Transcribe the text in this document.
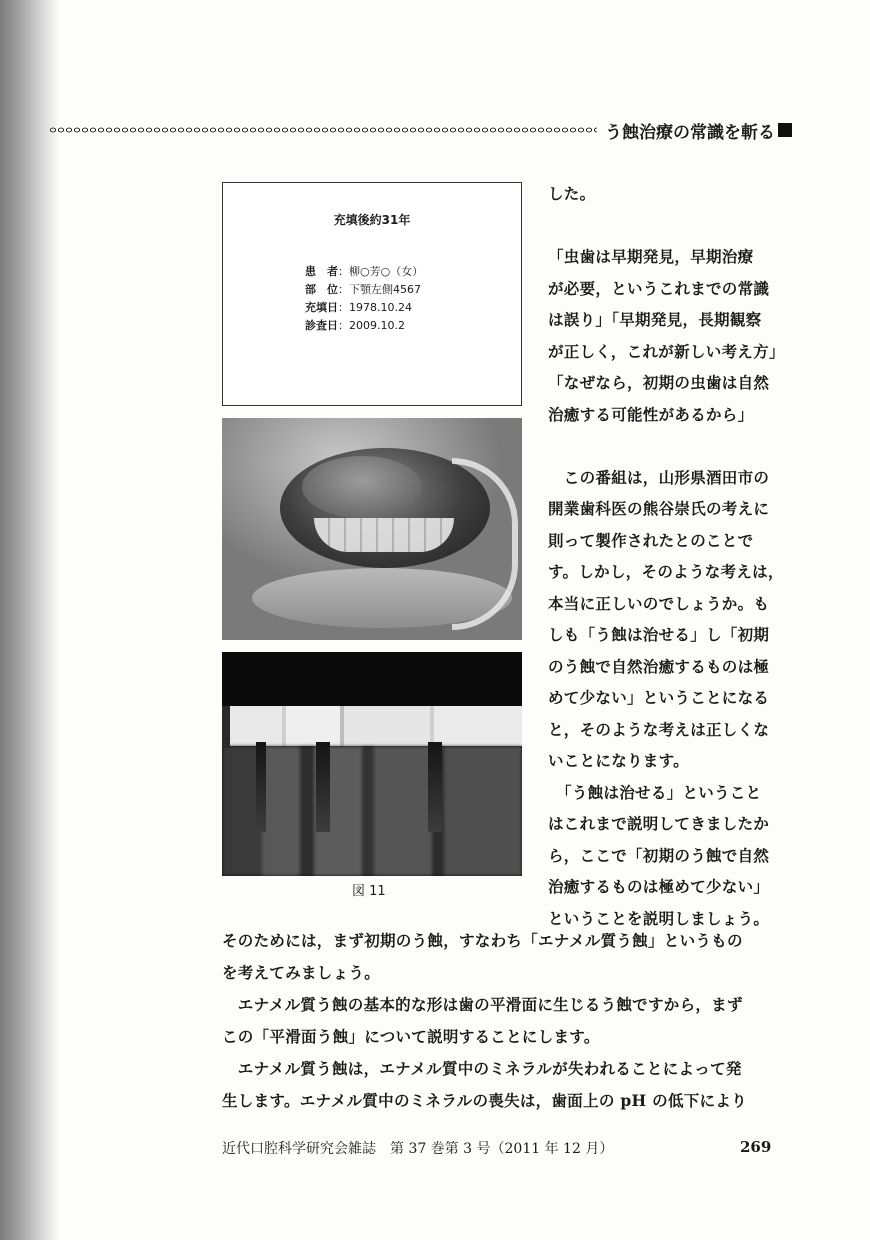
う蝕治療の常識を斬る
充填後約31年
患　者：柳○芳○（女）
部　位：下顎左側4567
充填日：1978.10.24
診査日：2009.10.2
図 11

した。

「虫歯は早期発見，早期治療

が必要，というこれまでの常識

は誤り」「早期発見，長期観察

が正しく，これが新しい考え方」

「なぜなら，初期の虫歯は自然

治癒する可能性があるから」

　この番組は，山形県酒田市の

開業歯科医の熊谷崇氏の考えに

則って製作されたとのことで

す。しかし，そのような考えは，

本当に正しいのでしょうか。も

しも「う蝕は治せる」し「初期

のう蝕で自然治癒するものは極

めて少ない」ということになる

と，そのような考えは正しくな

いことになります。

　「う蝕は治せる」ということ

はこれまで説明してきましたか

ら，ここで「初期のう蝕で自然

治癒するものは極めて少ない」

ということを説明しましょう。

そのためには，まず初期のう蝕，すなわち「エナメル質う蝕」というもの

を考えてみましょう。

　エナメル質う蝕の基本的な形は歯の平滑面に生じるう蝕ですから，まず

この「平滑面う蝕」について説明することにします。

　エナメル質う蝕は，エナメル質中のミネラルが失われることによって発

生します。エナメル質中のミネラルの喪失は，歯面上の pH の低下により

近代口腔科学研究会雑誌　第 37 巻第 3 号（2011 年 12 月）	269
